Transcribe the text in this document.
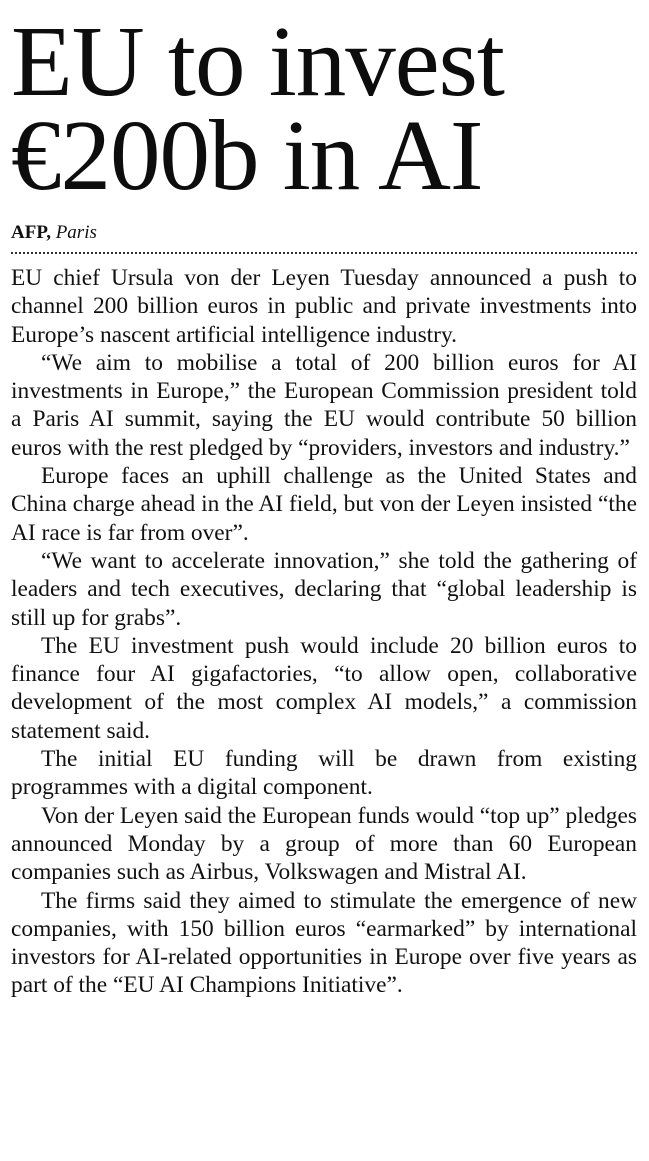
EU to invest
€200b in AI
AFP, Paris

EU chief Ursula von der Leyen Tuesday announced a push to channel 200 billion euros in public and private investments into Europe’s nascent artificial intelligence industry.

“We aim to mobilise a total of 200 billion euros for AI investments in Europe,” the European Commission president told a Paris AI summit, saying the EU would contribute 50 billion euros with the rest pledged by “providers, investors and industry.”

Europe faces an uphill challenge as the United States and China charge ahead in the AI field, but von der Leyen insisted “the AI race is far from over”.

“We want to accelerate innovation,” she told the gathering of leaders and tech executives, declaring that “global leadership is still up for grabs”.

The EU investment push would include 20 billion euros to finance four AI gigafactories, “to allow open, collaborative development of the most complex AI models,” a commission statement said.

The initial EU funding will be drawn from existing programmes with a digital component.

Von der Leyen said the European funds would “top up” pledges announced Monday by a group of more than 60 European companies such as Airbus, Volkswagen and Mistral AI.

The firms said they aimed to stimulate the emergence of new companies, with 150 billion euros “earmarked” by international investors for AI-related opportunities in Europe over five years as part of the “EU AI Champions Initiative”.
